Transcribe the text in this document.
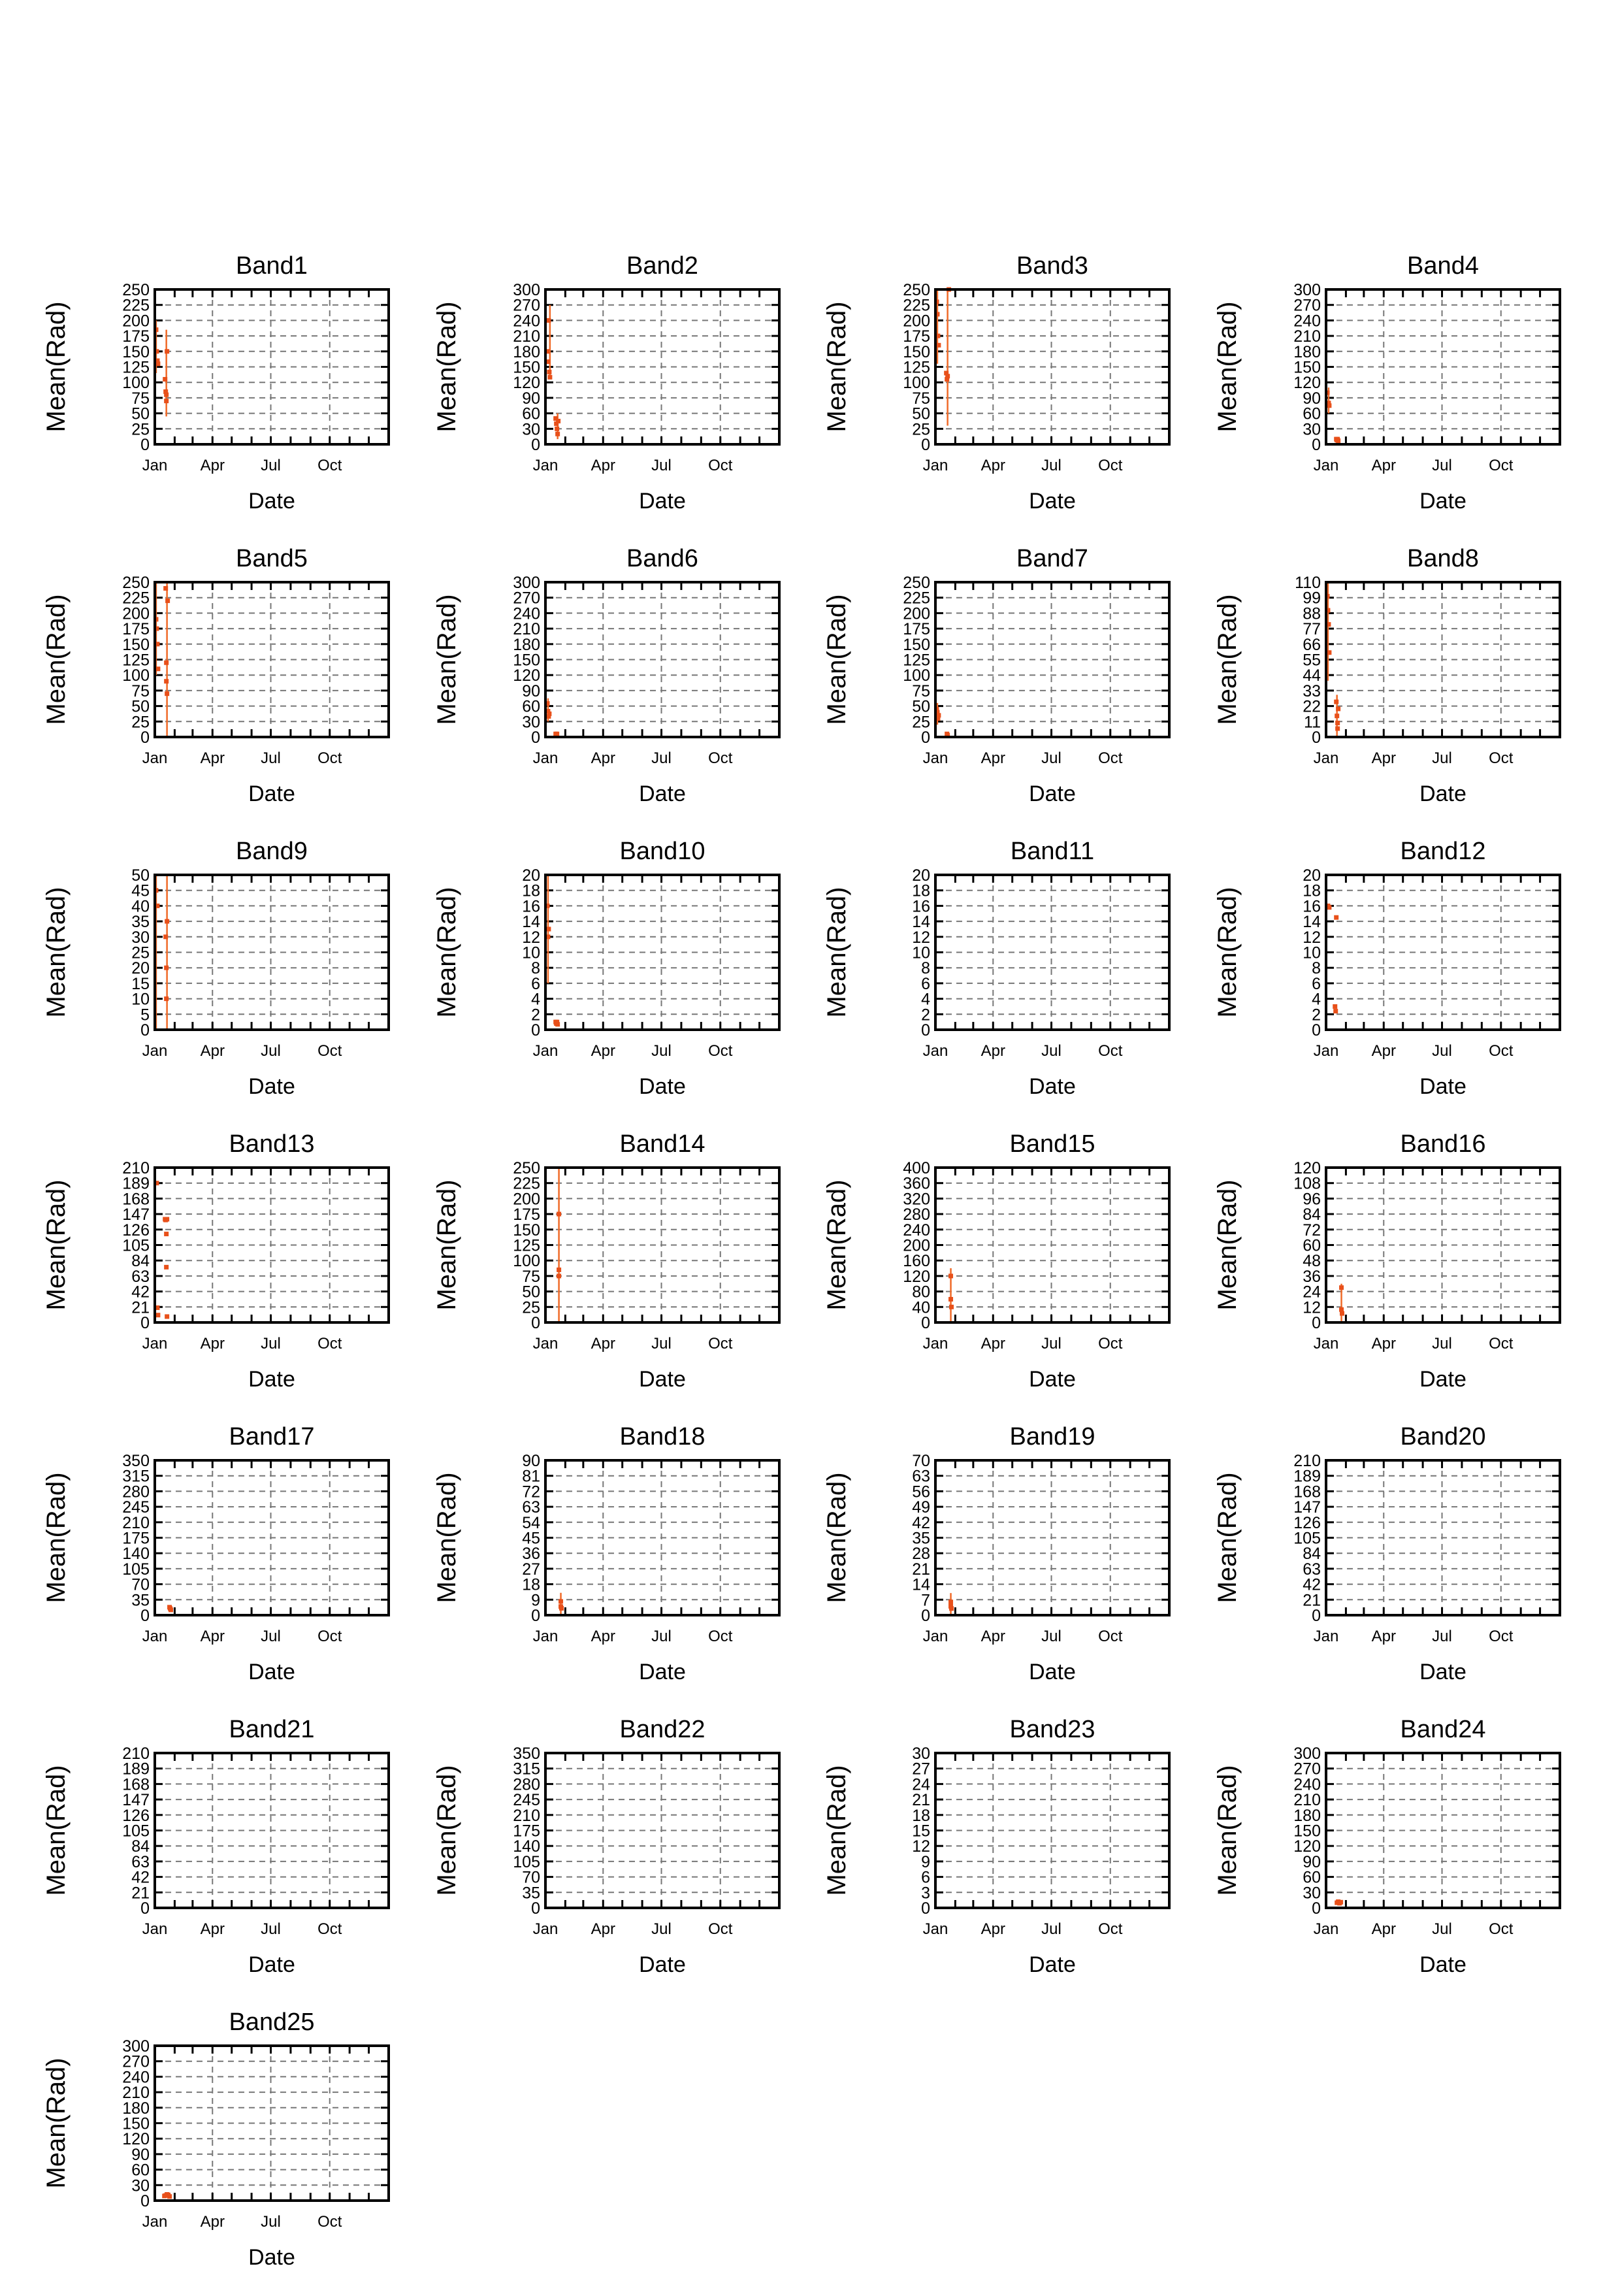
Band1
0
25
50
75
100
125
150
175
200
225
250
Jan Apr Jul Oct
Date
Mean(Rad)
Band2
0
30
60
90
120
150
180
210
240
270
300
Jan Apr Jul Oct
Date
Mean(Rad)
Band3
0
25
50
75
100
125
150
175
200
225
250
Jan Apr Jul Oct
Date
Mean(Rad)
Band4
0
30
60
90
120
150
180
210
240
270
300
Jan Apr Jul Oct
Date
Mean(Rad)
Band5
0
25
50
75
100
125
150
175
200
225
250
Jan Apr Jul Oct
Date
Mean(Rad)
Band6
0
30
60
90
120
150
180
210
240
270
300
Jan Apr Jul Oct
Date
Mean(Rad)
Band7
0
25
50
75
100
125
150
175
200
225
250
Jan Apr Jul Oct
Date
Mean(Rad)
Band8
0
11
22
33
44
55
66
77
88
99
110
Jan Apr Jul Oct
Date
Mean(Rad)
Band9
0
5
10
15
20
25
30
35
40
45
50
Jan Apr Jul Oct
Date
Mean(Rad)
Band10
0
2
4
6
8
10
12
14
16
18
20
Jan Apr Jul Oct
Date
Mean(Rad)
Band11
0
2
4
6
8
10
12
14
16
18
20
Jan Apr Jul Oct
Date
Mean(Rad)
Band12
0
2
4
6
8
10
12
14
16
18
20
Jan Apr Jul Oct
Date
Mean(Rad)
Band13
0
21
42
63
84
105
126
147
168
189
210
Jan Apr Jul Oct
Date
Mean(Rad)
Band14
0
25
50
75
100
125
150
175
200
225
250
Jan Apr Jul Oct
Date
Mean(Rad)
Band15
0
40
80
120
160
200
240
280
320
360
400
Jan Apr Jul Oct
Date
Mean(Rad)
Band16
0
12
24
36
48
60
72
84
96
108
120
Jan Apr Jul Oct
Date
Mean(Rad)
Band17
0
35
70
105
140
175
210
245
280
315
350
Jan Apr Jul Oct
Date
Mean(Rad)
Band18
0
9
18
27
36
45
54
63
72
81
90
Jan Apr Jul Oct
Date
Mean(Rad)
Band19
0
7
14
21
28
35
42
49
56
63
70
Jan Apr Jul Oct
Date
Mean(Rad)
Band20
0
21
42
63
84
105
126
147
168
189
210
Jan Apr Jul Oct
Date
Mean(Rad)
Band21
0
21
42
63
84
105
126
147
168
189
210
Jan Apr Jul Oct
Date
Mean(Rad)
Band22
0
35
70
105
140
175
210
245
280
315
350
Jan Apr Jul Oct
Date
Mean(Rad)
Band23
0
3
6
9
12
15
18
21
24
27
30
Jan Apr Jul Oct
Date
Mean(Rad)
Band24
0
30
60
90
120
150
180
210
240
270
300
Jan Apr Jul Oct
Date
Mean(Rad)
Band25
0
30
60
90
120
150
180
210
240
270
300
Jan Apr Jul Oct
Date
Mean(Rad)
